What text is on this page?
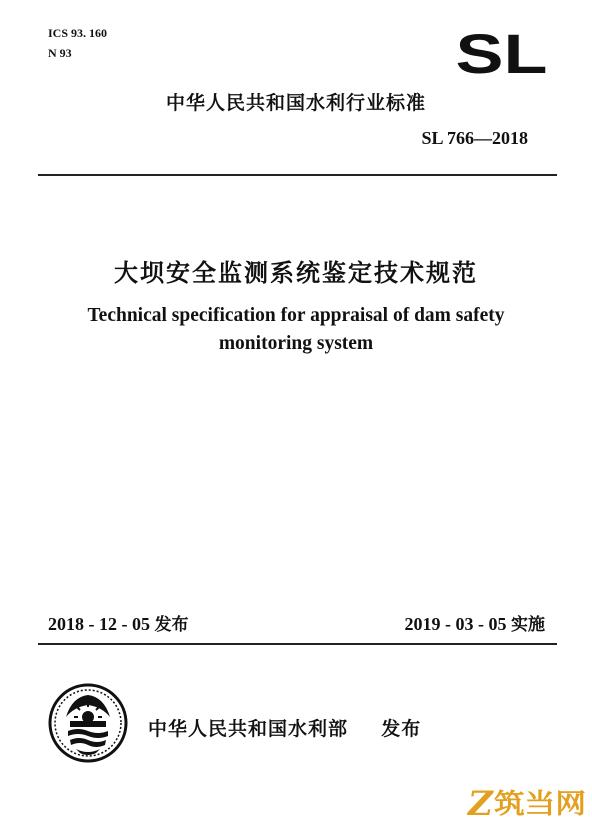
ICS 93. 160
N 93	SL
中华人民共和国水利行业标准
SL 766—2018
大坝安全监测系统鉴定技术规范
Technical specification for appraisal of dam safety
monitoring system
2018 - 12 - 05 发布	2019 - 03 - 05 实施
中华人民共和国水利部 发布
Z 筑当网
